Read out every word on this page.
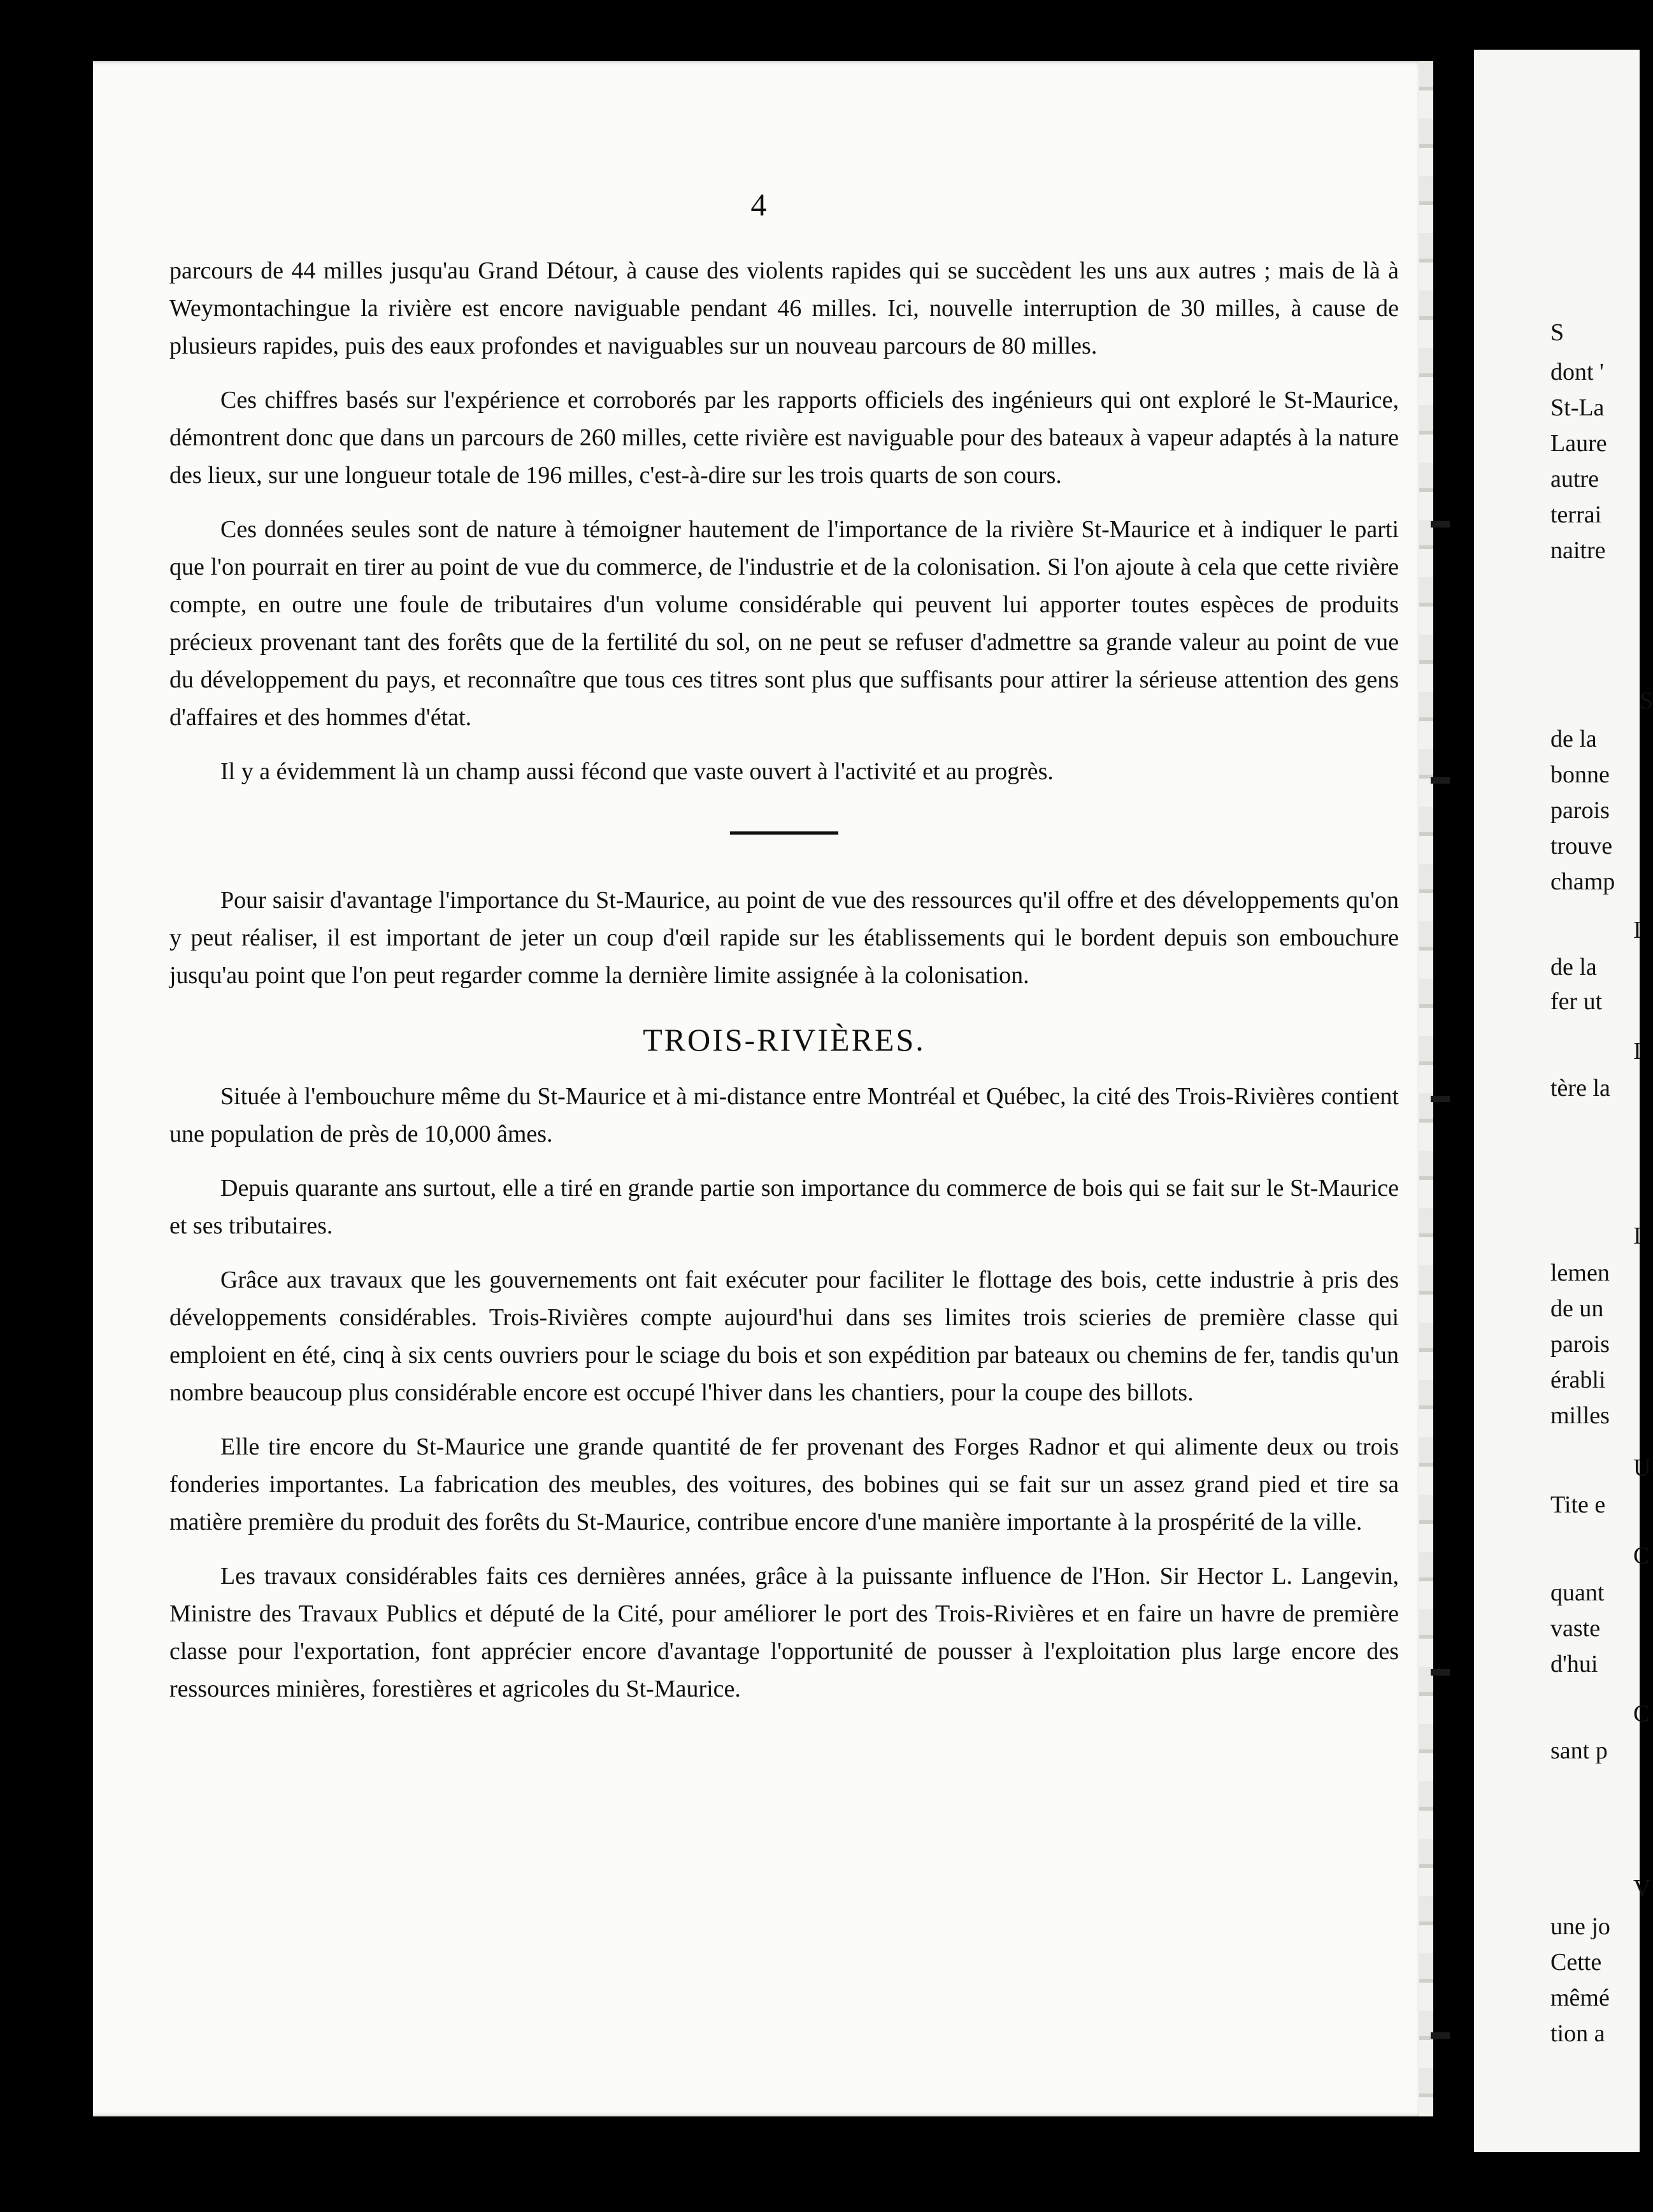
4

parcours de 44 milles jusqu'au Grand Détour, à cause des violents rapides qui se succèdent les uns aux autres ; mais de là à Weymontachingue la rivière est encore naviguable pendant 46 milles. Ici, nouvelle interruption de 30 milles, à cause de plusieurs rapides, puis des eaux profondes et naviguables sur un nouveau parcours de 80 milles.

Ces chiffres basés sur l'expérience et corroborés par les rapports officiels des ingénieurs qui ont exploré le St-Maurice, démontrent donc que dans un parcours de 260 milles, cette rivière est naviguable pour des bateaux à vapeur adaptés à la nature des lieux, sur une longueur totale de 196 milles, c'est-à-dire sur les trois quarts de son cours.

Ces données seules sont de nature à témoigner hautement de l'importance de la rivière St-Maurice et à indiquer le parti que l'on pourrait en tirer au point de vue du commerce, de l'industrie et de la colonisation. Si l'on ajoute à cela que cette rivière compte, en outre une foule de tributaires d'un volume considérable qui peuvent lui apporter toutes espèces de produits précieux provenant tant des forêts que de la fertilité du sol, on ne peut se refuser d'admettre sa grande valeur au point de vue du développement du pays, et reconnaître que tous ces titres sont plus que suffisants pour attirer la sérieuse attention des gens d'affaires et des hommes d'état.

Il y a évidemment là un champ aussi fécond que vaste ouvert à l'activité et au progrès.

Pour saisir d'avantage l'importance du St-Maurice, au point de vue des ressources qu'il offre et des développements qu'on y peut réaliser, il est important de jeter un coup d'œil rapide sur les établissements qui le bordent depuis son embouchure jusqu'au point que l'on peut regarder comme la dernière limite assignée à la colonisation.

TROIS-RIVIÈRES.

Située à l'embouchure même du St-Maurice et à mi-distance entre Montréal et Québec, la cité des Trois-Rivières contient une population de près de 10,000 âmes.

Depuis quarante ans surtout, elle a tiré en grande partie son importance du commerce de bois qui se fait sur le St-Maurice et ses tributaires.

Grâce aux travaux que les gouvernements ont fait exécuter pour faciliter le flottage des bois, cette industrie à pris des développements considérables. Trois-Rivières compte aujourd'hui dans ses limites trois scieries de première classe qui emploient en été, cinq à six cents ouvriers pour le sciage du bois et son expédition par bateaux ou chemins de fer, tandis qu'un nombre beaucoup plus considérable encore est occupé l'hiver dans les chantiers, pour la coupe des billots.

Elle tire encore du St-Maurice une grande quantité de fer provenant des Forges Radnor et qui alimente deux ou trois fonderies importantes. La fabrication des meubles, des voitures, des bobines qui se fait sur un assez grand pied et tire sa matière première du produit des forêts du St-Maurice, contribue encore d'une manière importante à la prospérité de la ville.

Les travaux considérables faits ces dernières années, grâce à la puissante influence de l'Hon. Sir Hector L. Langevin, Ministre des Travaux Publics et député de la Cité, pour améliorer le port des Trois-Rivières et en faire un havre de première classe pour l'exportation, font apprécier encore d'avantage l'opportunité de pousser à l'exploitation plus large encore des ressources minières, forestières et agricoles du St-Maurice.

S
dont '
St-La
Laure
autre
terrai
naitre
S
de la
bonne
parois
trouve
champ
I
de la
fer ut
I
tère la
I
lemen
de un
parois
érabli
milles
U
Tite e
C
quant
vaste
d'hui
C
sant p
V
une jo
Cette
mêmé
tion a
